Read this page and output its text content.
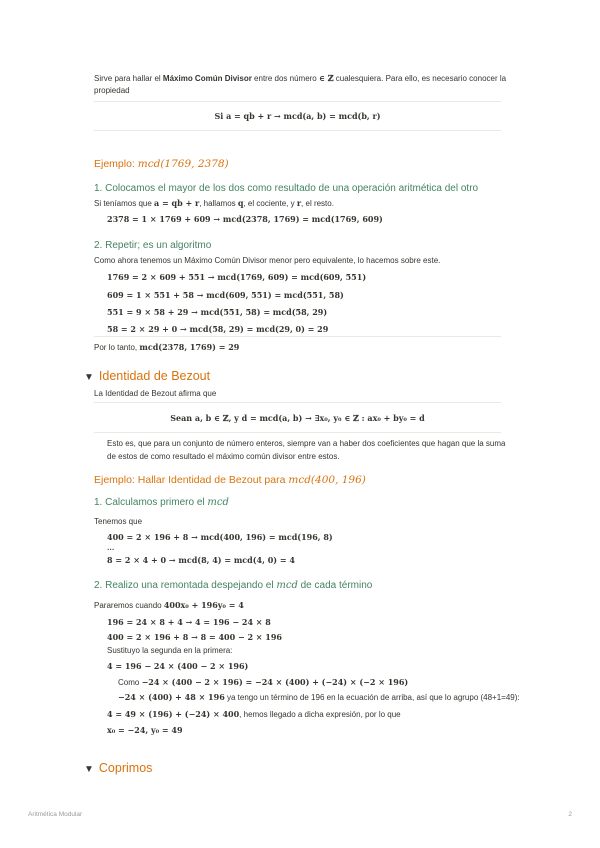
Sirve para hallar el Máximo Común Divisor entre dos número ∈ ℤ cualesquiera. Para ello, es necesario conocer la
propiedad
Si a = qb + r → mcd(a, b) = mcd(b, r)
Ejemplo: mcd(1769, 2378)
1. Colocamos el mayor de los dos como resultado de una operación aritmética del otro
Si teníamos que a = qb + r, hallamos q, el cociente, y r, el resto.
2378 = 1 × 1769 + 609 → mcd(2378, 1769) = mcd(1769, 609)
2. Repetir; es un algoritmo
Como ahora tenemos un Máximo Común Divisor menor pero equivalente, lo hacemos sobre este.
1769 = 2 × 609 + 551 → mcd(1769, 609) = mcd(609, 551)
609 = 1 × 551 + 58 → mcd(609, 551) = mcd(551, 58)
551 = 9 × 58 + 29 → mcd(551, 58) = mcd(58, 29)
58 = 2 × 29 + 0 → mcd(58, 29) = mcd(29, 0) = 29
Por lo tanto, mcd(2378, 1769) = 29
▼ Identidad de Bezout
La Identidad de Bezout afirma que
Sean a, b ∈ ℤ, y d = mcd(a, b) → ∃x₀, y₀ ∈ ℤ : ax₀ + by₀ = d
Esto es, que para un conjunto de número enteros, siempre van a haber dos coeficientes que hagan que la suma
de estos de como resultado el máximo común divisor entre estos.
Ejemplo: Hallar Identidad de Bezout para mcd(400, 196)
1. Calculamos primero el mcd
Tenemos que
400 = 2 × 196 + 8 → mcd(400, 196) = mcd(196, 8)
...
8 = 2 × 4 + 0 → mcd(8, 4) = mcd(4, 0) = 4
2. Realizo una remontada despejando el mcd de cada término
Pararemos cuando 400x₀ + 196y₀ = 4
196 = 24 × 8 + 4 → 4 = 196 − 24 × 8
400 = 2 × 196 + 8 → 8 = 400 − 2 × 196
Sustituyo la segunda en la primera:
4 = 196 − 24 × (400 − 2 × 196)
Como −24 × (400 − 2 × 196) = −24 × (400) + (−24) × (−2 × 196)
−24 × (400) + 48 × 196 ya tengo un término de 196 en la ecuación de arriba, así que lo agrupo (48+1=49):
4 = 49 × (196) + (−24) × 400, hemos llegado a dicha expresión, por lo que
x₀ = −24, y₀ = 49
▼ Coprimos
Aritmética Modular	2
